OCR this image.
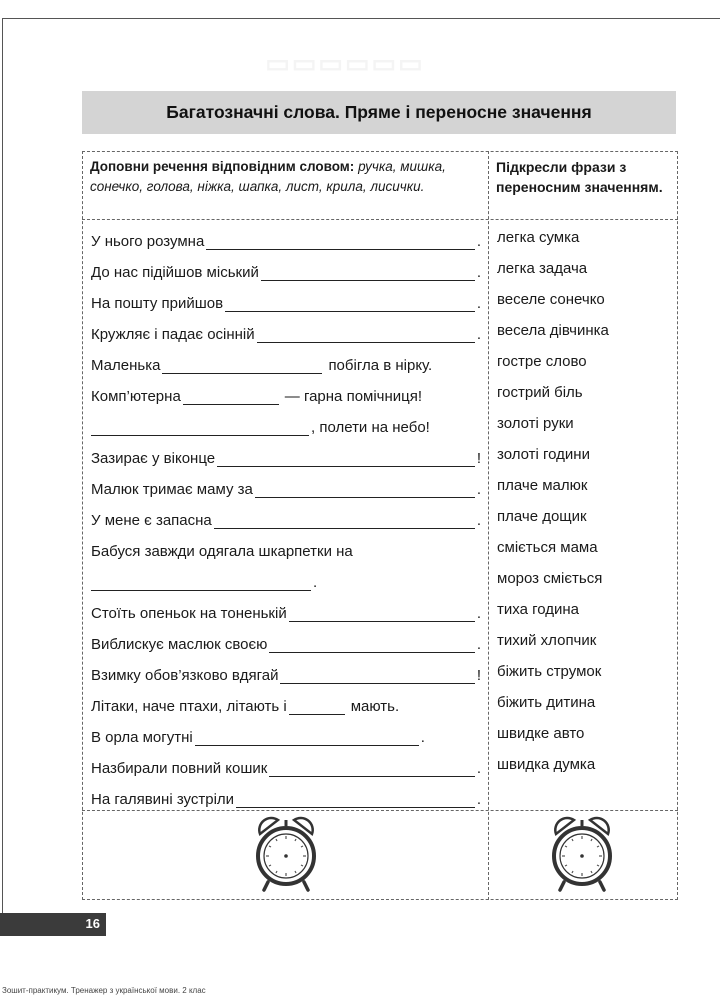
▭▭▭▭▭▭
Багатозначні слова. Пряме і переносне значення
Доповни речення відповідним словом: ручка, мишка, сонечко, голова, ніжка, шапка, лист, крила, лисички.
Підкресли фрази з переносним значенням.
У нього розумна	.
До нас підійшов міський	.
На пошту прийшов	.
Кружляє і падає осінній	.
Маленька	побігла в нірку.
Комп’ютерна	— гарна помічниця!
, полети на небо!
Зазирає у віконце	!
Малюк тримає маму за	.
У мене є запасна	.
Бабуся завжди одягала шкарпетки на
.
Стоїть опеньок на тоненькій	.
Виблискує маслюк своєю	.
Взимку обов’язково вдягай	!
Літаки, наче птахи, літають і	мають.
В орла могутні	.
Назбирали повний кошик	.
На галявині зустріли	.
легка сумка
легка задача
веселе сонечко
весела дівчинка
гостре слово
гострий біль
золоті руки
золоті години
плаче малюк
плаче дощик
сміється мама
мороз сміється
тиха година
тихий хлопчик
біжить струмок
біжить дитина
швидке авто
швидка думка
16
Зошит-практикум. Тренажер з української мови. 2 клас
